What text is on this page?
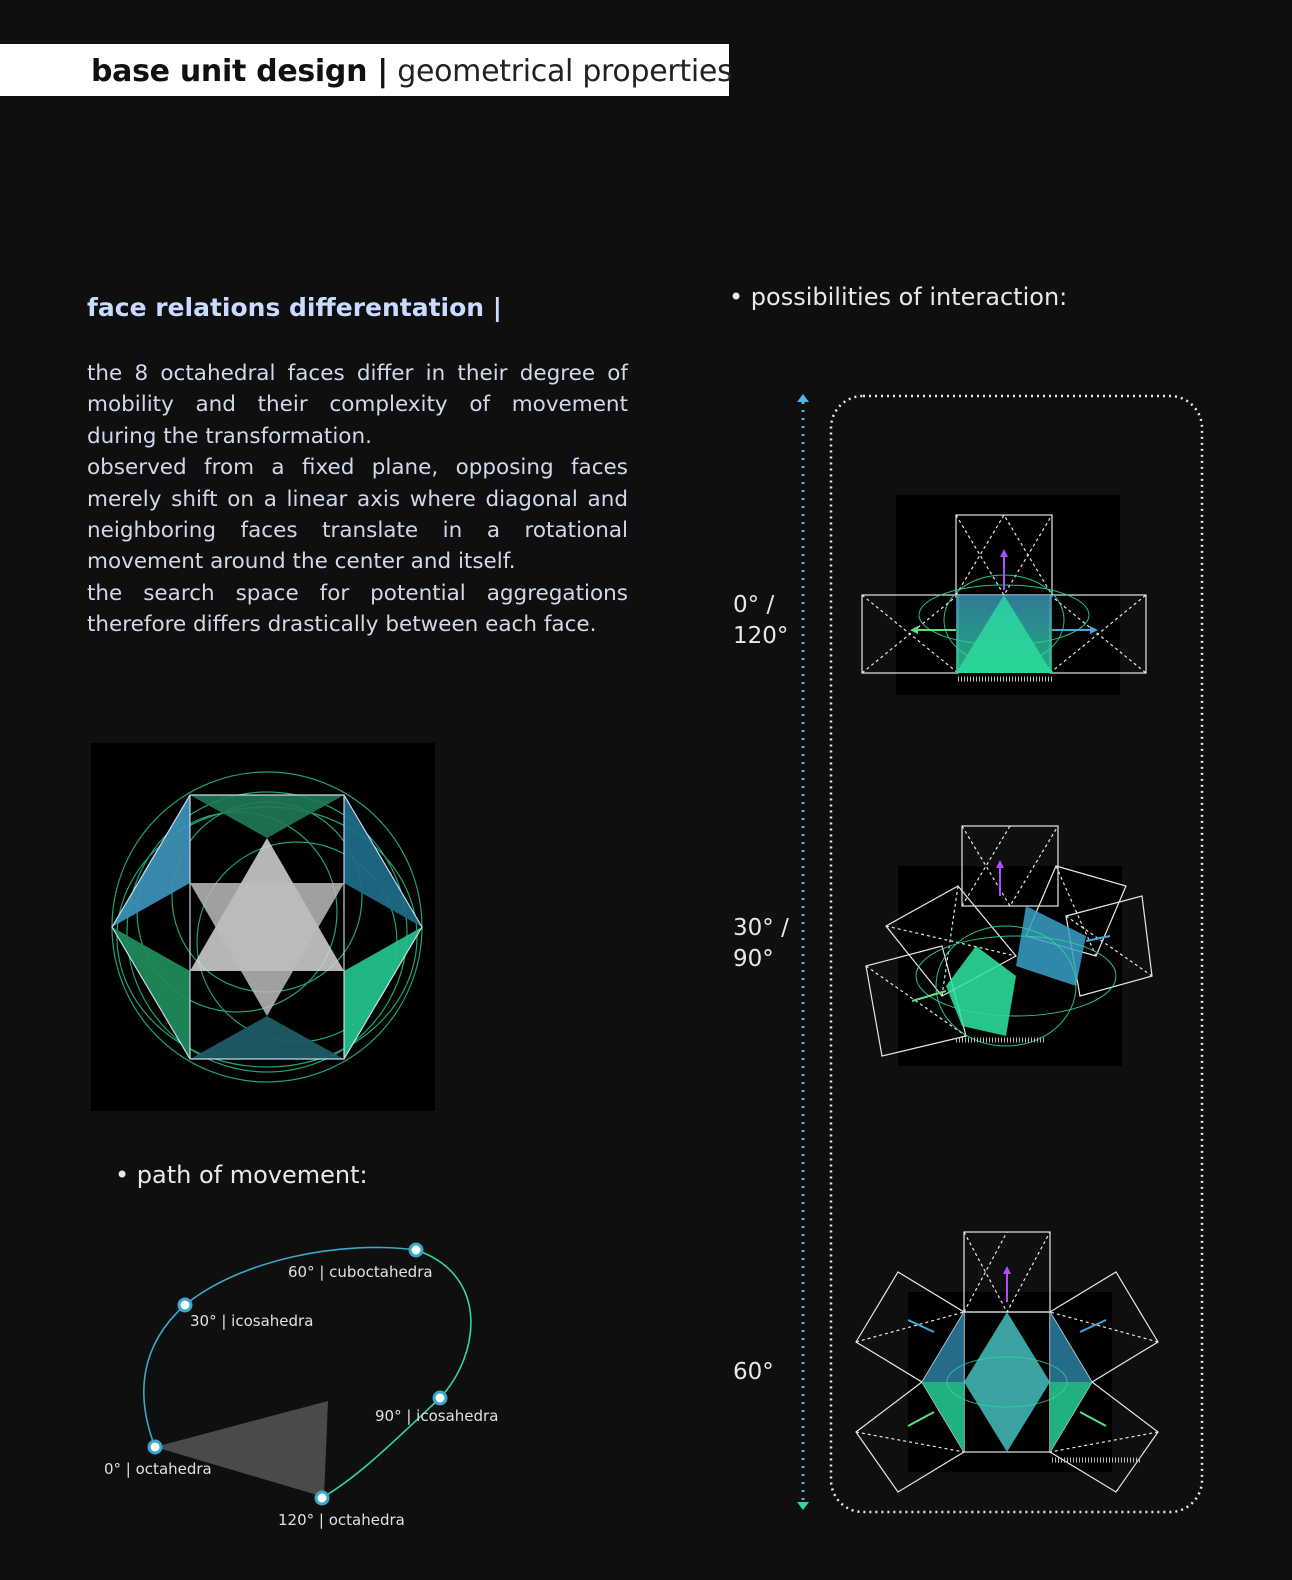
base unit design | geometrical properties
face relations differentation |

the 8 octahedral faces differ in their degree of mobility and their complexity of movement during the transformation.

observed from a fixed plane, opposing faces merely shift on a linear axis where diagonal and neighboring faces translate in a rotational movement around the center and itself.

the search space for potential aggregations therefore differs drastically between each face.

• possibilities of interaction:
0° /
120°
30° /
90°
60°
• path of movement:
60° | cuboctahedra
30° | icosahedra
90° | icosahedra
0° | octahedra
120° | octahedra
